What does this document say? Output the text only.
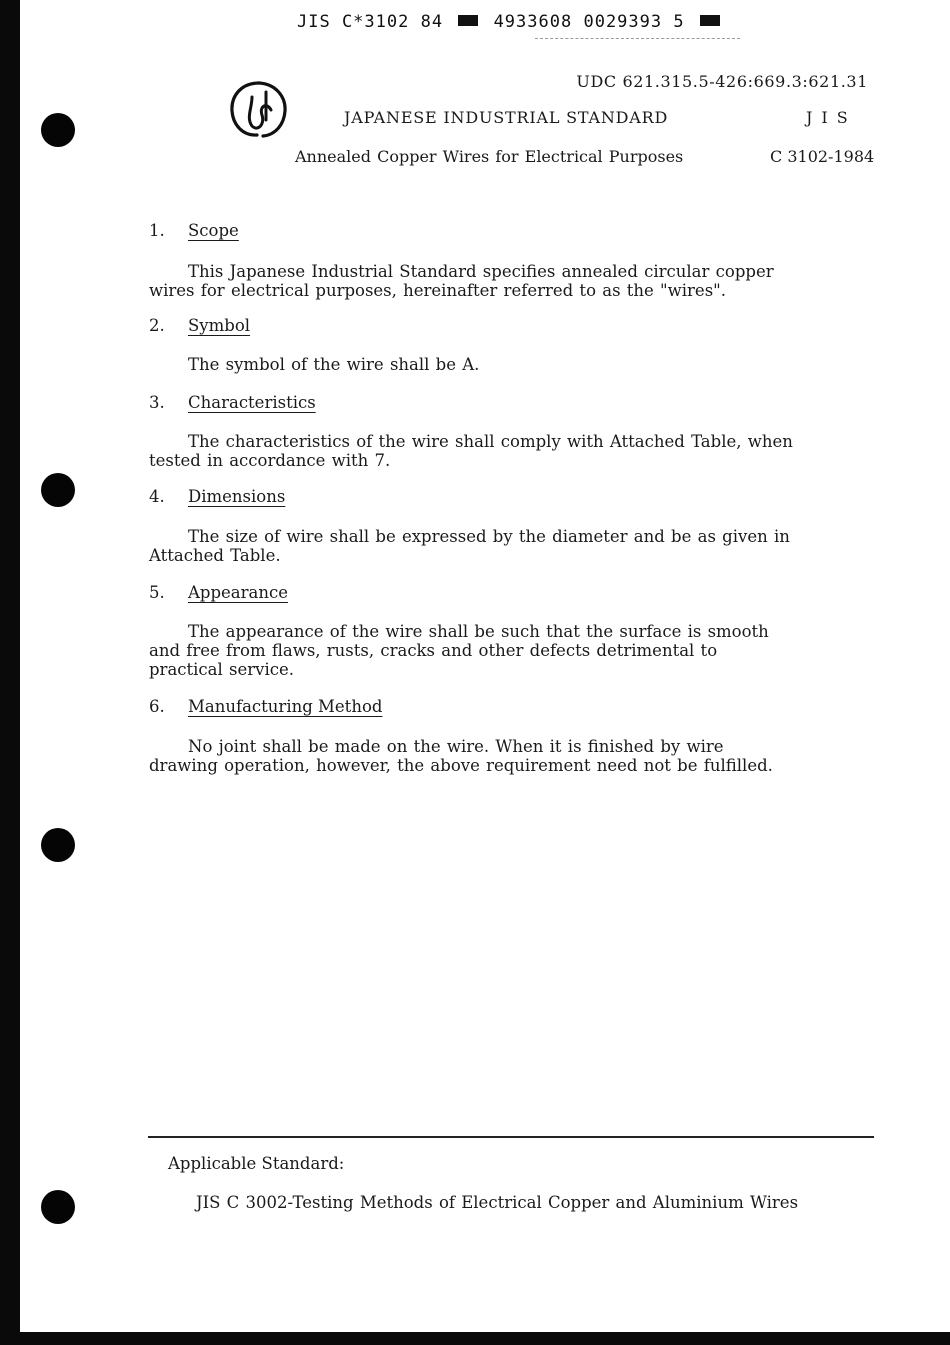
JIS C*3102 84	4933608 0029393 5
UDC 621.315.5-426:669.3:621.31
JAPANESE INDUSTRIAL STANDARD	JIS
Annealed Copper Wires for Electrical Purposes	C 3102-1984
1. Scope
This Japanese Industrial Standard specifies annealed circular copper
wires for electrical purposes, hereinafter referred to as the "wires".
2. Symbol
The symbol of the wire shall be A.
3. Characteristics
The characteristics of the wire shall comply with Attached Table, when
tested in accordance with 7.
4. Dimensions
The size of wire shall be expressed by the diameter and be as given in
Attached Table.
5. Appearance
The appearance of the wire shall be such that the surface is smooth
and free from flaws, rusts, cracks and other defects detrimental to
practical service.
6. Manufacturing Method
No joint shall be made on the wire. When it is finished by wire
drawing operation, however, the above requirement need not be fulfilled.
Applicable Standard:
JIS C 3002-Testing Methods of Electrical Copper and Aluminium Wires
